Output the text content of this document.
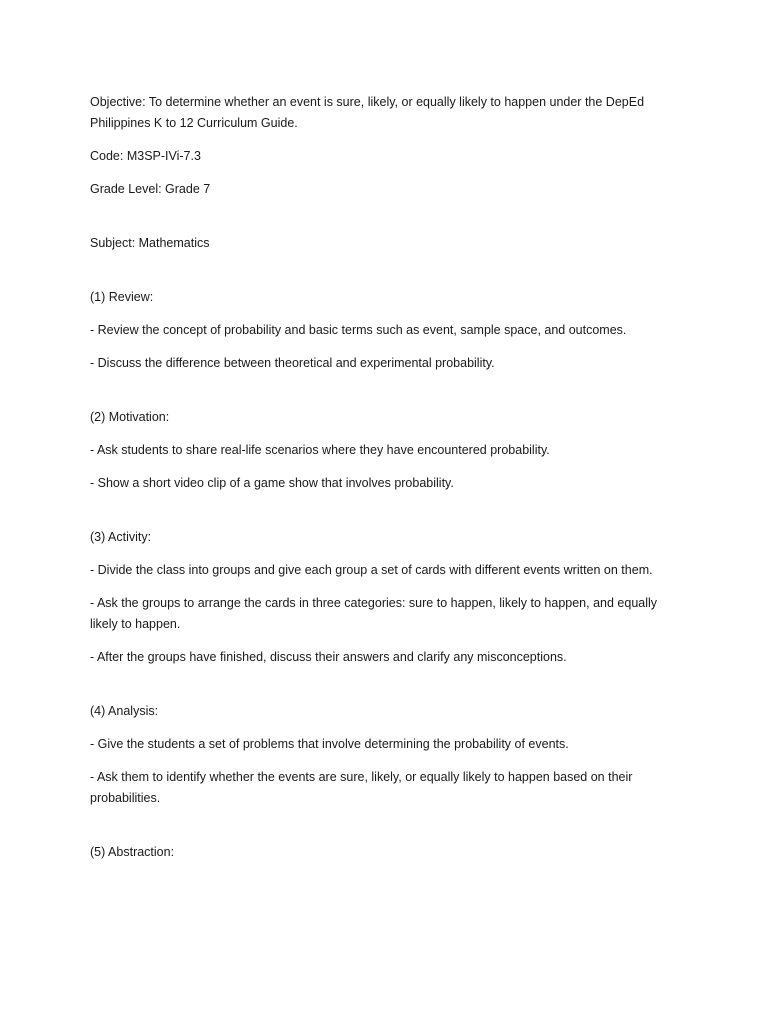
Objective: To determine whether an event is sure, likely, or equally likely to happen under the DepEd

Philippines K to 12 Curriculum Guide.

Code: M3SP-IVi-7.3

Grade Level: Grade 7

Subject: Mathematics

(1) Review:

- Review the concept of probability and basic terms such as event, sample space, and outcomes.

- Discuss the difference between theoretical and experimental probability.

(2) Motivation:

- Ask students to share real-life scenarios where they have encountered probability.

- Show a short video clip of a game show that involves probability.

(3) Activity:

- Divide the class into groups and give each group a set of cards with different events written on them.

- Ask the groups to arrange the cards in three categories: sure to happen, likely to happen, and equally

likely to happen.

- After the groups have finished, discuss their answers and clarify any misconceptions.

(4) Analysis:

- Give the students a set of problems that involve determining the probability of events.

- Ask them to identify whether the events are sure, likely, or equally likely to happen based on their

probabilities.

(5) Abstraction:
